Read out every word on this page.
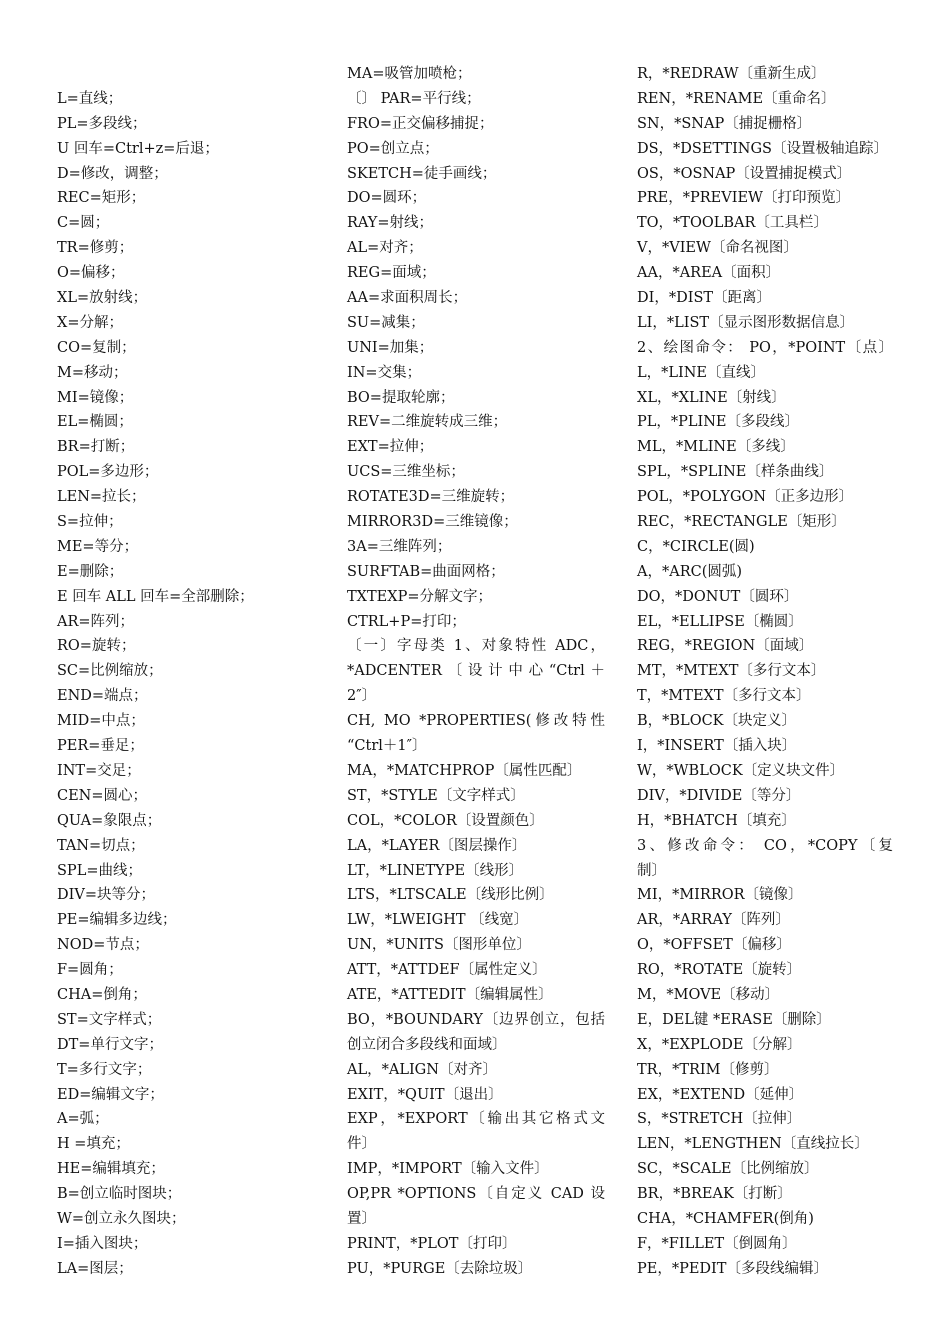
L=直线；
PL=多段线；
U 回车=Ctrl+z=后退；
D=修改，调整；
REC=矩形；
C=圆；
TR=修剪；
O=偏移；
XL=放射线；
X=分解；
CO=复制；
M=移动；
MI=镜像；
EL=椭圆；
BR=打断；
POL=多边形；
LEN=拉长；
S=拉伸；
ME=等分；
E=删除；
E 回车 ALL 回车=全部删除；
AR=阵列；
RO=旋转；
SC=比例缩放；
END=端点；
MID=中点；
PER=垂足；
INT=交足；
CEN=圆心；
QUA=象限点；
TAN=切点；
SPL=曲线；
DIV=块等分；
PE=编辑多边线；
NOD=节点；
F=圆角；
CHA=倒角；
ST=文字样式；
DT=单行文字；
T=多行文字；
ED=编辑文字；
A=弧；
H =填充；
HE=编辑填充；
B=创立临时图块；
W=创立永久图块；
I=插入图块；
LA=图层；
MA=吸管加喷枪；
〔〕 PAR=平行线；
FRO=正交偏移捕捉；
PO=创立点；
SKETCH=徒手画线；
DO=圆环；
RAY=射线；
AL=对齐；
REG=面域；
AA=求面积周长；
SU=减集；
UNI=加集；
IN=交集；
BO=提取轮廓；
REV=二维旋转成三维；
EXT=拉伸；
UCS=三维坐标；
ROTATE3D=三维旋转；
MIRROR3D=三维镜像；
3A=三维阵列；
SURFTAB=曲面网格；
TXTEXP=分解文字；
CTRL+P=打印；
〔一〕字母类 1、对象特性 ADC，
*ADCENTER〔设计中心“Ctrl＋
2″〕
CH, MO *PROPERTIES(修改特性
“Ctrl＋1″〕
MA，*MATCHPROP〔属性匹配〕
ST，*STYLE〔文字样式〕
COL，*COLOR〔设置颜色〕
LA，*LAYER〔图层操作〕
LT，*LINETYPE〔线形〕
LTS，*LTSCALE〔线形比例〕
LW，*LWEIGHT 〔线宽〕
UN，*UNITS〔图形单位〕
ATT，*ATTDEF〔属性定义〕
ATE，*ATTEDIT〔编辑属性〕
BO，*BOUNDARY〔边界创立，包括
创立闭合多段线和面域〕
AL，*ALIGN〔对齐〕
EXIT，*QUIT〔退出〕
EXP，*EXPORT〔输出其它格式文
件〕
IMP，*IMPORT〔输入文件〕
OP,PR *OPTIONS〔自定义 CAD 设
置〕
PRINT，*PLOT〔打印〕
PU，*PURGE〔去除垃圾〕
R，*REDRAW〔重新生成〕
REN，*RENAME〔重命名〕
SN，*SNAP〔捕捉栅格〕
DS，*DSETTINGS〔设置极轴追踪〕
OS，*OSNAP〔设置捕捉模式〕
PRE，*PREVIEW〔打印预览〕
TO，*TOOLBAR〔工具栏〕
V，*VIEW〔命名视图〕
AA，*AREA〔面积〕
DI，*DIST〔距离〕
LI，*LIST〔显示图形数据信息〕
2、绘图命令： PO，*POINT〔点〕
L，*LINE〔直线〕
XL，*XLINE〔射线〕
PL，*PLINE〔多段线〕
ML，*MLINE〔多线〕
SPL，*SPLINE〔样条曲线〕
POL，*POLYGON〔正多边形〕
REC，*RECTANGLE〔矩形〕
C，*CIRCLE(圆)
A，*ARC(圆弧)
DO，*DONUT〔圆环〕
EL，*ELLIPSE〔椭圆〕
REG，*REGION〔面域〕
MT，*MTEXT〔多行文本〕
T，*MTEXT〔多行文本〕
B，*BLOCK〔块定义〕
I，*INSERT〔插入块〕
W，*WBLOCK〔定义块文件〕
DIV，*DIVIDE〔等分〕
H，*BHATCH〔填充〕
3、修改命令： CO，*COPY〔复
制〕
MI，*MIRROR〔镜像〕
AR，*ARRAY〔阵列〕
O，*OFFSET〔偏移〕
RO，*ROTATE〔旋转〕
M，*MOVE〔移动〕
E，DEL键 *ERASE〔删除〕
X，*EXPLODE〔分解〕
TR，*TRIM〔修剪〕
EX，*EXTEND〔延伸〕
S，*STRETCH〔拉伸〕
LEN，*LENGTHEN〔直线拉长〕
SC，*SCALE〔比例缩放〕
BR，*BREAK〔打断〕
CHA，*CHAMFER(倒角)
F，*FILLET〔倒圆角〕
PE，*PEDIT〔多段线编辑〕
